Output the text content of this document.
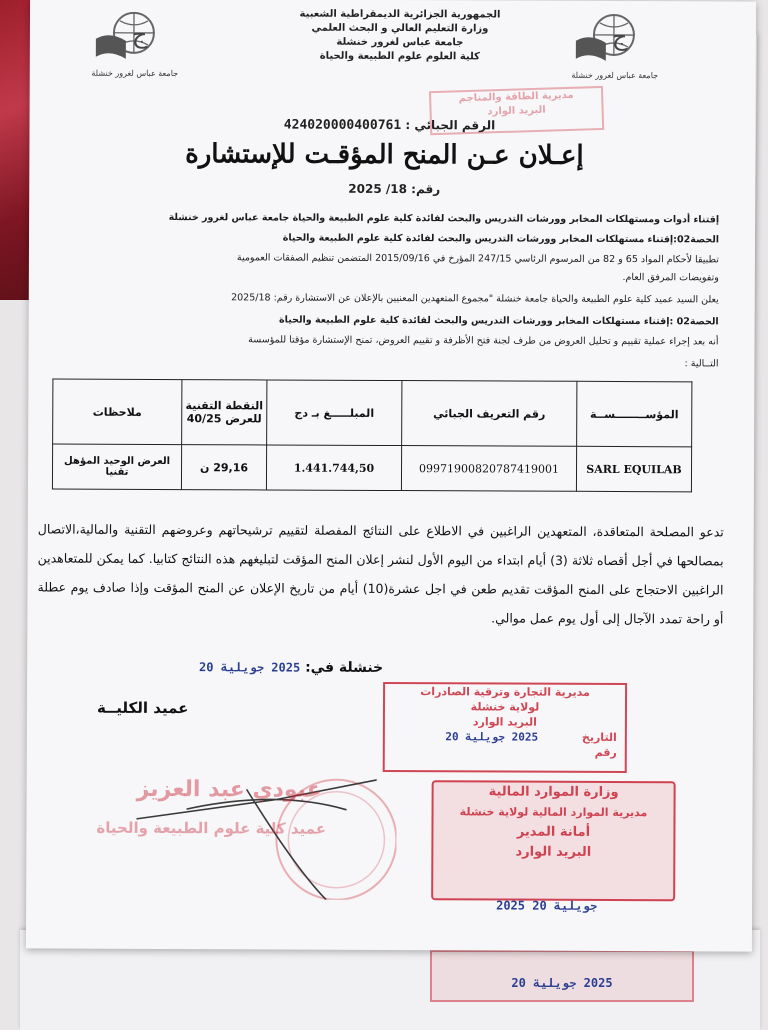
2025 جويلية 20
ج
جامعة عباس لغرور خنشلة
ج
جامعة عباس لغرور خنشلة
الجمهورية الجزائرية الديمقراطية الشعبية
وزارة التعليم العالي و البحث العلمي
جامعة عباس لغرور خنشلة
كلية العلوم علوم الطبيعة والحياة
مديرية الطاقة والمناجم
البريد الوارد
الرقم الجبائي : 424020000400761
إعـلان عـن المنح المؤقـت للإستشارة
رقم: 18/ 2025
إقتناء أدوات ومستهلكات المخابر وورشات التدريس والبحث لفائدة كلية علوم الطبيعة والحياة جامعة عباس لغرور خنشلة
الحصة02:إقتناء مستهلكات المخابر وورشات التدريس والبحث لفائدة كلية علوم الطبيعة والحياة
تطبيقا لأحكام المواد 65 و 82 من المرسوم الرئاسي 247/15 المؤرخ في 2015/09/16 المتضمن تنظيم الصفقات العمومية
وتفويضات المرفق العام.
يعلن السيد عميد كلية علوم الطبيعة والحياة جامعة خنشلة "مجموع المتعهدين المعنيين بالإعلان عن الاستشارة رقم: 2025/18
الحصة02 :إقتناء مستهلكات المخابر وورشات التدريس والبحث لفائدة كلية علوم الطبيعة والحياة
أنه بعد إجراء عملية تقييم و تحليل العروض من طرف لجنة فتح الأظرفة و تقييم العروض، تمنح الإستشارة مؤقتا للمؤسسة
التــالية :
المؤســــــــســة	رقم التعريف الجبائي	المبلـــــغ بـ دج	النقطة التقنية للعرض 40/25	ملاحظات
SARL EQUILAB	09971900820787419001	1.441.744,50	29,16 ن	العرض الوحيد المؤهل تقنيا
تدعو المصلحة المتعاقدة، المتعهدين الراغبين في الاطلاع على النتائج المفصلة لتقييم ترشيحاتهم وعروضهم التقنية والمالية،الاتصال بمصالحها في أجل أقصاه ثلاثة (3) أيام ابتداء من اليوم الأول لنشر إعلان المنح المؤقت لتبليغهم هذه النتائج كتابيا. كما يمكن للمتعاهدين الراغبين الاحتجاج على المنح المؤقت تقديم طعن في اجل عشرة(10) أيام من تاريخ الإعلان عن المنح المؤقت وإذا صادف يوم عطلة أو راحة تمدد الآجال إلى أول يوم عمل موالي.
خنشلة في: 2025 جويلية 20
عميد الكليــة
عبودي عبد العزيز
عميد كلية علوم الطبيعة والحياة
مديرية التجارة وترقية الصادرات
لولاية خنشلة
البريد الوارد
التاريخ 2025 جويلية 20
رقم
وزارة الموارد المالية
مديرية الموارد المالية لولاية خنشلة
أمانة المدير
البريد الوارد
2025 جويلية 20
